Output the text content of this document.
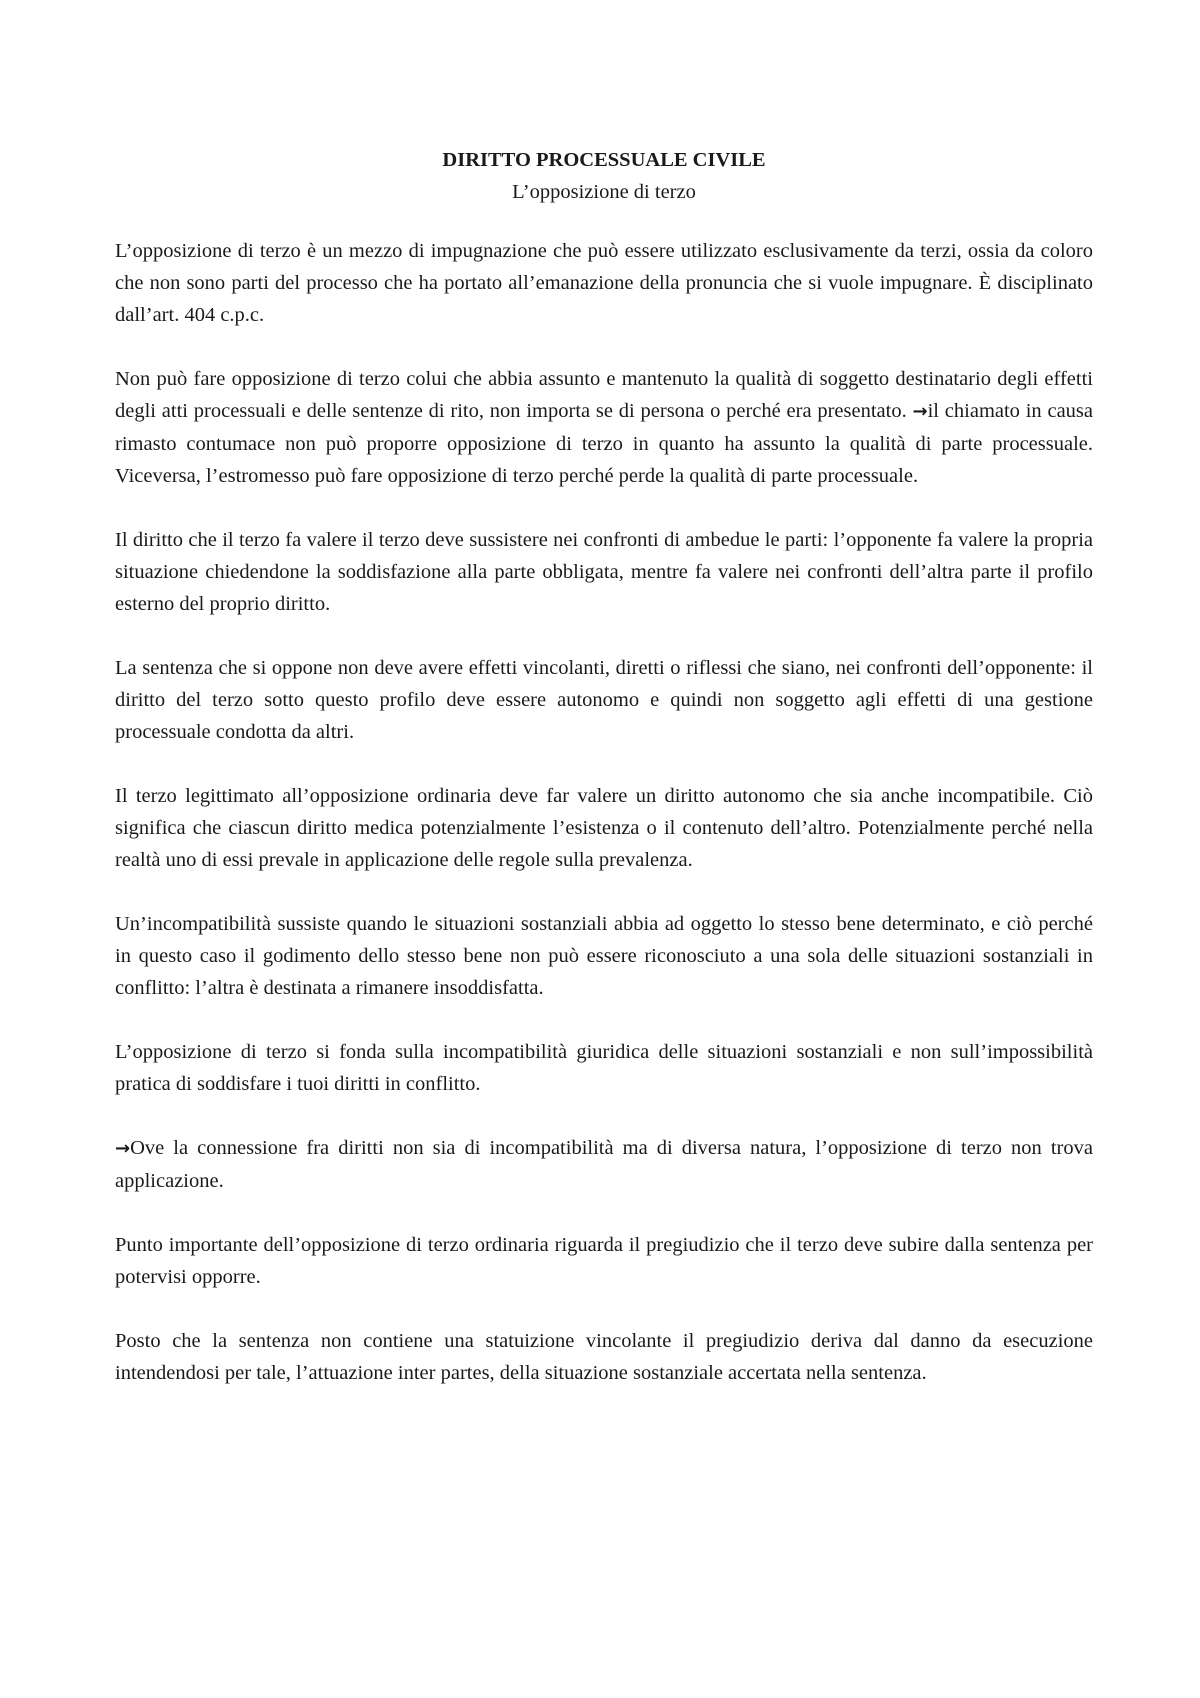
DIRITTO PROCESSUALE CIVILE

L’opposizione di terzo

L’opposizione di terzo è un mezzo di impugnazione che può essere utilizzato esclusivamente da terzi, ossia da coloro che non sono parti del processo che ha portato all’emanazione della pronuncia che si vuole impugnare. È disciplinato dall’art. 404 c.p.c.

Non può fare opposizione di terzo colui che abbia assunto e mantenuto la qualità di soggetto destinatario degli effetti degli atti processuali e delle sentenze di rito, non importa se di persona o perché era presentato. →il chiamato in causa rimasto contumace non può proporre opposizione di terzo in quanto ha assunto la qualità di parte processuale. Viceversa, l’estromesso può fare opposizione di terzo perché perde la qualità di parte processuale.

Il diritto che il terzo fa valere il terzo deve sussistere nei confronti di ambedue le parti: l’opponente fa valere la propria situazione chiedendone la soddisfazione alla parte obbligata, mentre fa valere nei confronti dell’altra parte il profilo esterno del proprio diritto.

La sentenza che si oppone non deve avere effetti vincolanti, diretti o riflessi che siano, nei confronti dell’opponente: il diritto del terzo sotto questo profilo deve essere autonomo e quindi non soggetto agli effetti di una gestione processuale condotta da altri.

Il terzo legittimato all’opposizione ordinaria deve far valere un diritto autonomo che sia anche incompatibile. Ciò significa che ciascun diritto medica potenzialmente l’esistenza o il contenuto dell’altro. Potenzialmente perché nella realtà uno di essi prevale in applicazione delle regole sulla prevalenza.

Un’incompatibilità sussiste quando le situazioni sostanziali abbia ad oggetto lo stesso bene determinato, e ciò perché in questo caso il godimento dello stesso bene non può essere riconosciuto a una sola delle situazioni sostanziali in conflitto: l’altra è destinata a rimanere insoddisfatta.

L’opposizione di terzo si fonda sulla incompatibilità giuridica delle situazioni sostanziali e non sull’impossibilità pratica di soddisfare i tuoi diritti in conflitto.

→Ove la connessione fra diritti non sia di incompatibilità ma di diversa natura, l’opposizione di terzo non trova applicazione.

Punto importante dell’opposizione di terzo ordinaria riguarda il pregiudizio che il terzo deve subire dalla sentenza per potervisi opporre.

Posto che la sentenza non contiene una statuizione vincolante il pregiudizio deriva dal danno da esecuzione intendendosi per tale, l’attuazione inter partes, della situazione sostanziale accertata nella sentenza.
